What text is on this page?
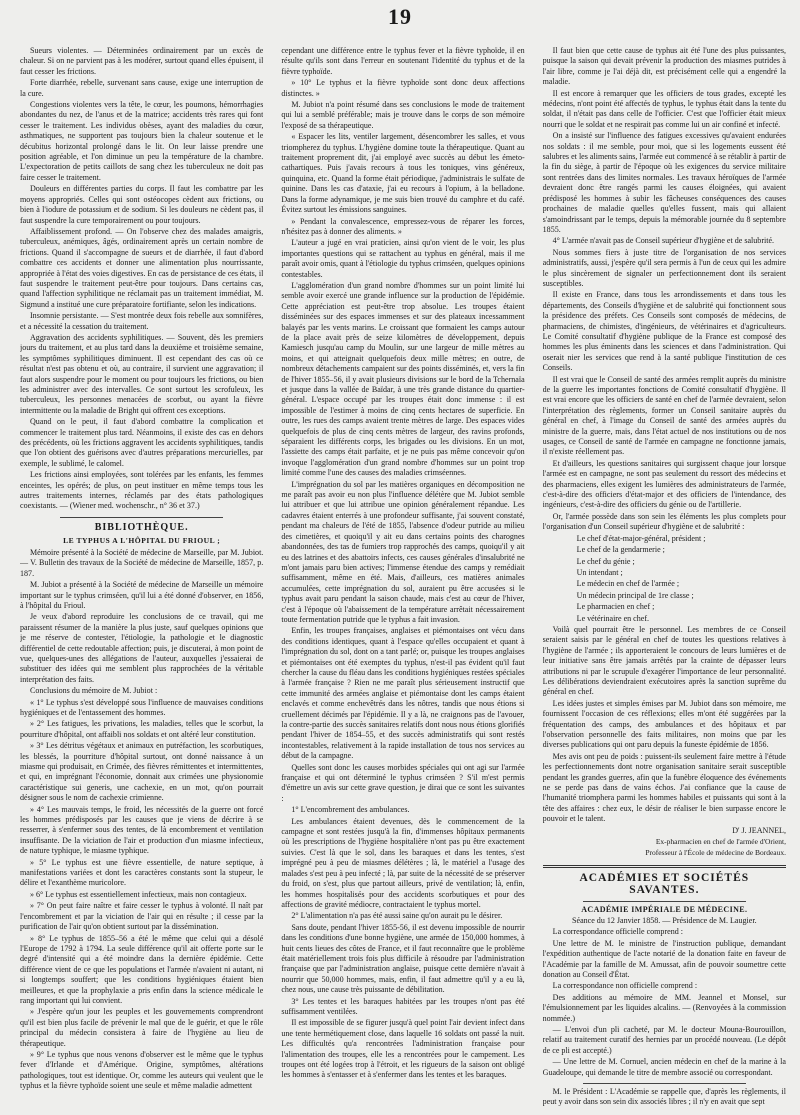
19

Sueurs violentes. — Déterminées ordinairement par un excès de chaleur. Si on ne parvient pas à les modérer, surtout quand elles épuisent, il faut cesser les frictions.

Forte diarrhée, rebelle, survenant sans cause, exige une interruption de la cure.

Congestions violentes vers la tête, le cœur, les poumons, hémorrhagies abondantes du nez, de l'anus et de la matrice; accidents très rares qui font cesser le traitement. Les individus obèses, ayant des maladies du cœur, asthmatiques, ne supportent pas toujours bien la chaleur soutenue et le décubitus horizontal prolongé dans le lit. On leur laisse prendre une position agréable, et l'on diminue un peu la température de la chambre. L'expectoration de petits caillots de sang chez les tuberculeux ne doit pas faire cesser le traitement.

Douleurs en différentes parties du corps. Il faut les combattre par les moyens appropriés. Celles qui sont ostéocopes cèdent aux frictions, ou bien à l'iodure de potassium et de sodium. Si les douleurs ne cèdent pas, il faut suspendre la cure temporairement ou pour toujours.

Affaiblissement profond. — On l'observe chez des malades amaigris, tuberculeux, anémiques, âgés, ordinairement après un certain nombre de frictions. Quand il s'accompagne de sueurs et de diarrhée, il faut d'abord combattre ces accidents et donner une alimentation plus nourrissante, appropriée à l'état des voies digestives. En cas de persistance de ces états, il faut suspendre le traitement peut-être pour toujours. Dans certains cas, quand l'affection syphilitique ne réclamait pas un traitement immédiat, M. Sigmund a institué une cure préparatoire fortifiante, selon les indications.

Insomnie persistante. — S'est montrée deux fois rebelle aux somnifères, et a nécessité la cessation du traitement.

Aggravation des accidents syphilitiques. — Souvent, dès les premiers jours du traitement, et au plus tard dans la deuxième et troisième semaine, les symptômes syphilitiques diminuent. Il est cependant des cas où ce résultat n'est pas obtenu et où, au contraire, il survient une aggravation; il faut alors suspendre pour le moment ou pour toujours les frictions, ou bien les administrer avec des intervalles. Ce sont surtout les scrofuleux, les tuberculeux, les personnes menacées de scorbut, ou ayant la fièvre intermittente ou la maladie de Bright qui offrent ces exceptions.

Quand on le peut, il faut d'abord combattre la complication et commencer le traitement plus tard. Néanmoins, il existe des cas en dehors des précédents, où les frictions aggravent les accidents syphilitiques, tandis que l'on obtient des guérisons avec d'autres préparations mercurielles, par exemple, le sublimé, le calomel.

Les frictions ainsi employées, sont tolérées par les enfants, les femmes enceintes, les opérés; de plus, on peut instituer en même temps tous les autres traitements internes, réclamés par des états pathologiques coexistants. — (Wiener med. wochenschr., n° 36 et 37.)

BIBLIOTHÈQUE.
LE TYPHUS A L'HÔPITAL DU FRIOUL ;

Mémoire présenté à la Société de médecine de Marseille, par M. Jubiot. — V. Bulletin des travaux de la Société de médecine de Marseille, 1857, p. 187.

M. Jubiot a présenté à la Société de médecine de Marseille un mémoire important sur le typhus crimséen, qu'il lui a été donné d'observer, en 1856, à l'hôpital du Frioul.

Je veux d'abord reproduire les conclusions de ce travail, qui me paraissent résumer de la manière la plus juste, sauf quelques opinions que je me réserve de contester, l'étiologie, la pathologie et le diagnostic différentiel de cette redoutable affection; puis, je discuterai, à mon point de vue, quelques-unes des allégations de l'auteur, auxquelles j'essaierai de substituer des idées qui me semblent plus rapprochées de la véritable interprétation des faits.

Conclusions du mémoire de M. Jubiot :

« 1° Le typhus s'est développé sous l'influence de mauvaises conditions hygiéniques et de l'entassement des hommes.

» 2° Les fatigues, les privations, les maladies, telles que le scorbut, la pourriture d'hôpital, ont affaibli nos soldats et ont altéré leur constitution.

» 3° Les détritus végétaux et animaux en putréfaction, les scorbutiques, les blessés, la pourriture d'hôpital surtout, ont donné naissance à un miasme qui produisait, en Crimée, des fièvres rémittentes et intermittentes, et qui, en imprégnant l'économie, donnait aux crimées une physionomie caractéristique sui generis, une cachexie, en un mot, qu'on pourrait désigner sous le nom de cachexie crimienne.

» 4° Les mauvais temps, le froid, les nécessités de la guerre ont forcé les hommes prédisposés par les causes que je viens de décrire à se resserrer, à s'enfermer sous des tentes, de là encombrement et ventilation insuffisante. De la viciation de l'air et production d'un miasme infectieux, de nature typhique, le miasme typhique.

» 5° Le typhus est une fièvre essentielle, de nature septique, à manifestations variées et dont les caractères constants sont la stupeur, le délire et l'exanthème muricolore.

» 6° Le typhus est essentiellement infectieux, mais non contagieux.

» 7° On peut faire naître et faire cesser le typhus à volonté. Il naît par l'encombrement et par la viciation de l'air qui en résulte ; il cesse par la purification de l'air qu'on obtient surtout par la dissémination.

» 8° Le typhus de 1855–56 a été le même que celui qui a désolé l'Europe de 1792 à 1794. La seule différence qu'il ait offerte porte sur le degré d'intensité qui a été moindre dans la dernière épidémie. Cette différence vient de ce que les populations et l'armée n'avaient ni autant, ni si longtemps souffert; que les conditions hygiéniques étaient bien meilleures, et que la prophylaxie a pris enfin dans la science médicale le rang important qui lui convient.

» J'espère qu'un jour les peuples et les gouvernements comprendront qu'il est bien plus facile de prévenir le mal que de le guérir, et que le rôle principal du médecin consistera à faire de l'hygiène au lieu de thérapeutique.

» 9° Le typhus que nous venons d'observer est le même que le typhus fever d'Irlande et d'Amérique. Origine, symptômes, altérations pathologiques, tout est identique. Or, comme les auteurs qui veulent que le typhus et la fièvre typhoïde soient une seule et même maladie admettent

cependant une différence entre le typhus fever et la fièvre typhoïde, il en résulte qu'ils sont dans l'erreur en soutenant l'identité du typhus et de la fièvre typhoïde.

» 10° Le typhus et la fièvre typhoïde sont donc deux affections distinctes. »

M. Jubiot n'a point résumé dans ses conclusions le mode de traitement qui lui a semblé préférable; mais je trouve dans le corps de son mémoire l'exposé de sa thérapeutique.

« Espacer les lits, ventiler largement, désencombrer les salles, et vous triompherez du typhus. L'hygiène domine toute la thérapeutique. Quant au traitement proprement dit, j'ai employé avec succès au début les émeto-cathartiques. Puis j'avais recours à tous les toniques, vins généreux, quinquina, etc. Quand la forme était périodique, j'administrais le sulfate de quinine. Dans les cas d'ataxie, j'ai eu recours à l'opium, à la belladone. Dans la forme adynamique, je me suis bien trouvé du camphre et du café. Évitez surtout les émissions sanguines.

» Pendant la convalescence, empressez-vous de réparer les forces, n'hésitez pas à donner des aliments. »

L'auteur a jugé en vrai praticien, ainsi qu'on vient de le voir, les plus importantes questions qui se rattachent au typhus en général, mais il me paraît avoir omis, quant à l'étiologie du typhus crimséen, quelques opinions contestables.

L'agglomération d'un grand nombre d'hommes sur un point limité lui semble avoir exercé une grande influence sur la production de l'épidémie. Cette appréciation est peut-être trop absolue. Les troupes étaient disséminées sur des espaces immenses et sur des plateaux incessamment balayés par les vents marins. Le croissant que formaient les camps autour de la place avait près de seize kilomètres de développement, depuis Kamiesch jusqu'au camp du Moulin, sur une largeur de mille mètres au moins, et qui atteignait quelquefois deux mille mètres; en outre, de nombreux détachements campaient sur des points disséminés, et, vers la fin de l'hiver 1855–56, il y avait plusieurs divisions sur le bord de la Tchernaïa et jusque dans la vallée de Baïdar, à une très grande distance du quartier-général. L'espace occupé par les troupes était donc immense : il est impossible de l'estimer à moins de cinq cents hectares de superficie. En outre, les rues des camps avaient trente mètres de large. Des espaces vides quelquefois de plus de cinq cents mètres de largeur, des ravins profonds, séparaient les différents corps, les brigades ou les divisions. En un mot, l'assiette des camps était parfaite, et je ne puis pas même concevoir qu'on invoque l'agglomération d'un grand nombre d'hommes sur un point trop limité comme l'une des causes des maladies crimséennes.

L'imprégnation du sol par les matières organiques en décomposition ne me paraît pas avoir eu non plus l'influence délétère que M. Jubiot semble lui attribuer et que lui attribue une opinion généralement répandue. Les cadavres étaient enterrés à une profondeur suffisante, j'ai souvent constaté, pendant ma chaleurs de l'été de 1855, l'absence d'odeur putride au milieu des cimetières, et quoiqu'il y ait eu dans certains points des charognes abandonnées, des tas de fumiers trop rapprochés des camps, quoiqu'il y ait eu des latrines et des abattoirs infects, ces causes générales d'insalubrité ne m'ont jamais paru bien actives; l'immense étendue des camps y remédiait suffisamment, même en été. Mais, d'ailleurs, ces matières animales accumulées, cette imprégnation du sol, auraient pu être accusées si le typhus avait paru pendant la saison chaude, mais c'est au cœur de l'hiver, c'est à l'époque où l'abaissement de la température arrêtait nécessairement toute fermentation putride que le typhus a fait invasion.

Enfin, les troupes françaises, anglaises et piémontaises ont vécu dans des conditions identiques, quant à l'espace qu'elles occupaient et quant à l'imprégnation du sol, dont on a tant parlé; or, puisque les troupes anglaises et piémontaises ont été exemptes du typhus, n'est-il pas évident qu'il faut chercher la cause du fléau dans les conditions hygiéniques restées spéciales à l'armée française ? Rien ne me paraît plus sérieusement instructif que cette immunité des armées anglaise et piémontaise dont les camps étaient enclavés et comme enchevêtrés dans les nôtres, tandis que nous étions si cruellement décimés par l'épidémie. Il y a là, ne craignons pas de l'avouer, la contre-partie des succès sanitaires relatifs dont nous nous étions glorifiés pendant l'hiver de 1854–55, et des succès administratifs qui sont restés incontestables, relativement à la rapide installation de tous nos services au début de la campagne.

Quelles sont donc les causes morbides spéciales qui ont agi sur l'armée française et qui ont déterminé le typhus crimséen ? S'il m'est permis d'émettre un avis sur cette grave question, je dirai que ce sont les suivantes :

1° L'encombrement des ambulances.

Les ambulances étaient devenues, dès le commencement de la campagne et sont restées jusqu'à la fin, d'immenses hôpitaux permanents où les prescriptions de l'hygiène hospitalière n'ont pas pu être exactement suivies. C'est là que le sol, dans les baraques et dans les tentes, s'est imprégné peu à peu de miasmes délétères ; là, le matériel a l'usage des malades s'est peu à peu infecté ; là, par suite de la nécessité de se préserver du froid, on s'est, plus que partout ailleurs, privé de ventilation; là, enfin, les hommes hospitalisés pour des accidents scorbutiques et pour des affections de gravité médiocre, contractaient le typhus mortel.

2° L'alimentation n'a pas été aussi saine qu'on aurait pu le désirer.

Sans doute, pendant l'hiver 1855-56, il est devenu impossible de nourrir dans les conditions d'une bonne hygiène, une armée de 150,000 hommes, à huit cents lieues des côtes de France, et il faut reconnaître que le problème était matériellement trois fois plus difficile à résoudre par l'administration française que par l'administration anglaise, puisque cette dernière n'avait à nourrir que 50,000 hommes, mais, enfin, il faut admettre qu'il y a eu là, chez nous, une cause très puissante de débilitation.

3° Les tentes et les baraques habitées par les troupes n'ont pas été suffisamment ventilées.

Il est impossible de se figurer jusqu'à quel point l'air devient infect dans une tente hermétiquement close, dans laquelle 16 soldats ont passé la nuit. Les difficultés qu'a rencontrées l'administration française pour l'alimentation des troupes, elle les a rencontrées pour le campement. Les troupes ont été logées trop à l'étroit, et les rigueurs de la saison ont obligé les hommes à s'entasser et à s'enfermer dans les tentes et les baraques.

Il faut bien que cette cause de typhus ait été l'une des plus puissantes, puisque la saison qui devait prévenir la production des miasmes putrides à l'air libre, comme je l'ai déjà dit, est précisément celle qui a engendré la maladie.

Il est encore à remarquer que les officiers de tous grades, excepté les médecins, n'ont point été affectés de typhus, le typhus était dans la tente du soldat, il n'était pas dans celle de l'officier. C'est que l'officier était mieux nourri que le soldat et ne respirait pas comme lui un air confiné et infecté.

On a insisté sur l'influence des fatigues excessives qu'avaient endurées nos soldats : il me semble, pour moi, que si les logements eussent été salubres et les aliments sains, l'armée eut commencé à se rétablir à partir de la fin du siège, à partir de l'époque où les exigences du service militaire sont rentrées dans des limites normales. Les travaux héroïques de l'armée devraient donc être rangés parmi les causes éloignées, qui avaient prédisposé les hommes à subir les fâcheuses conséquences des causes prochaines de maladie quelles qu'elles fussent, mais qui allaient s'amoindrissant par le temps, depuis la mémorable journée du 8 septembre 1855.

4° L'armée n'avait pas de Conseil supérieur d'hygiène et de salubrité.

Nous sommes fiers à juste titre de l'organisation de nos services administratifs, aussi, j'espère qu'il sera permis à l'un de ceux qui les admire le plus sincèrement de signaler un perfectionnement dont ils seraient susceptibles.

Il existe en France, dans tous les arrondissements et dans tous les départements, des Conseils d'hygiène et de salubrité qui fonctionnent sous la présidence des préfets. Ces Conseils sont composés de médecins, de pharmaciens, de chimistes, d'ingénieurs, de vétérinaires et d'agriculteurs. Le Comité consultatif d'hygiène publique de la France est composé des hommes les plus éminents dans les sciences et dans l'administration. Qui oserait nier les services que rend à la santé publique l'institution de ces Conseils.

Il est vrai que le Conseil de santé des armées remplit auprès du ministre de la guerre les importantes fonctions de Comité consultatif d'hygiène. Il est vrai encore que les officiers de santé en chef de l'armée devraient, selon l'interprétation des règlements, former un Conseil sanitaire auprès du général en chef, à l'image du Conseil de santé des armées auprès du ministre de la guerre, mais, dans l'état actuel de nos institutions ou de nos usages, ce Conseil de santé de l'armée en campagne ne fonctionne jamais, il n'existe réellement pas.

Et d'ailleurs, les questions sanitaires qui surgissent chaque jour lorsque l'armée est en campagne, ne sont pas seulement du ressort des médecins et des pharmaciens, elles exigent les lumières des administrateurs de l'armée, c'est-à-dire des officiers d'état-major et des officiers de l'intendance, des ingénieurs, c'est-à-dire des officiers du génie ou de l'artillerie.

Or, l'armée possède dans son sein les éléments les plus complets pour l'organisation d'un Conseil supérieur d'hygiène et de salubrité :

Le chef d'état-major-général, président ;

Le chef de la gendarmerie ;

Le chef du génie ;

Un intendant ;

Le médecin en chef de l'armée ;

Un médecin principal de 1re classe ;

Le pharmacien en chef ;

Le vétérinaire en chef.

Voilà quel pourrait être le personnel. Les membres de ce Conseil seraient saisis par le général en chef de toutes les questions relatives à l'hygiène de l'armée ; ils apporteraient le concours de leurs lumières et de leur initiative sans être jamais arrêtés par la crainte de dépasser leurs attributions ni par le scrupule d'exagérer l'importance de leur personnalité. Les délibérations deviendraient exécutoires après la sanction suprême du général en chef.

Les idées justes et simples émises par M. Jubiot dans son mémoire, me fournissent l'occasion de ces réflexions; elles m'ont été suggérées par la fréquentation des camps, des ambulances et des hôpitaux et par l'observation personnelle des faits militaires, non moins que par les diverses publications qui ont paru depuis la funeste épidémie de 1856.

Mes avis ont peu de poids : puissent-ils seulement faire mettre à l'étude les perfectionnements dont notre organisation sanitaire serait susceptible pendant les grandes guerres, afin que la funèbre éloquence des événements ne se perde pas dans de vains échos. J'ai confiance que la cause de l'humanité triomphera parmi les hommes habiles et puissants qui sont à la tête des affaires : chez eux, le désir de réaliser le bien surpasse encore le pouvoir et le talent.

D' J. JEANNEL,

Ex-pharmacien en chef de l'armée d'Orient,

Professeur à l'École de médecine de Bordeaux.

ACADÉMIES ET SOCIÉTÉS SAVANTES.
ACADÉMIE IMPÉRIALE DE MÉDECINE.

Séance du 12 Janvier 1858. — Présidence de M. Laugier.

La correspondance officielle comprend :

Une lettre de M. le ministre de l'instruction publique, demandant l'expédition authentique de l'acte notarié de la donation faite en faveur de l'Académie par la famille de M. Amussat, afin de pouvoir soumettre cette donation au Conseil d'État.

La correspondance non officielle comprend :

Des additions au mémoire de MM. Jeannel et Monsel, sur l'émulsionnement par les liquides alcalins. — (Renvoyées à la commission nommée.)

— L'envoi d'un pli cacheté, par M. le docteur Mouna-Bourouillon, relatif au traitement curatif des hernies par un procédé nouveau. (Le dépôt de ce pli est accepté.)

— Une lettre de M. Cornuel, ancien médecin en chef de la marine à la Guadeloupe, qui demande le titre de membre associé ou correspondant.

M. le Président : L'Académie se rappelle que, d'après les règlements, il peut y avoir dans son sein dix associés libres ; il n'y en avait que sept
